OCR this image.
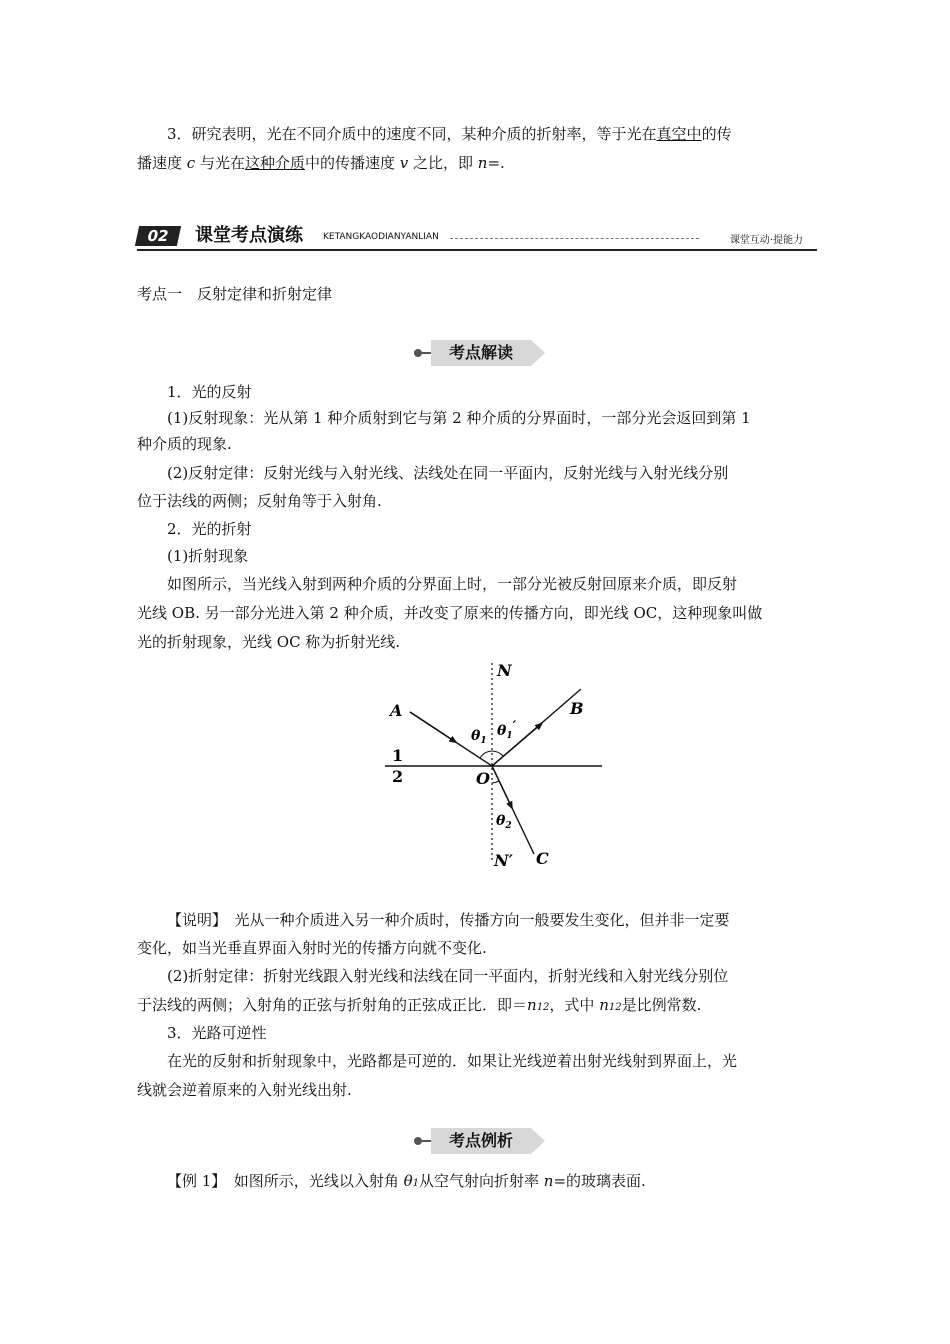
3．研究表明，光在不同介质中的速度不同，某种介质的折射率，等于光在真空中的传

播速度 c 与光在这种介质中的传播速度 v 之比，即 n=.

02	课堂考点演练 KETANGKAODIANYANLIAN	课堂互动·提能力

考点一　反射定律和折射定律

考点解读

1．光的反射

(1)反射现象：光从第 1 种介质射到它与第 2 种介质的分界面时，一部分光会返回到第 1

种介质的现象.

(2)反射定律：反射光线与入射光线、法线处在同一平面内，反射光线与入射光线分别

位于法线的两侧；反射角等于入射角.

2．光的折射

(1)折射现象

如图所示，当光线入射到两种介质的分界面上时，一部分光被反射回原来介质，即反射

光线 OB. 另一部分光进入第 2 种介质，并改变了原来的传播方向，即光线 OC，这种现象叫做

光的折射现象，光线 OC 称为折射光线.

N
A	B
O
1
2
N′ C
$\theta_1$
$\theta_1'$
$\theta_2$

【说明】　光从一种介质进入另一种介质时，传播方向一般要发生变化，但并非一定要

变化，如当光垂直界面入射时光的传播方向就不变化.

(2)折射定律：折射光线跟入射光线和法线在同一平面内，折射光线和入射光线分别位

于法线的两侧；入射角的正弦与折射角的正弦成正比．即＝n12，式中 n12是比例常数.

3．光路可逆性

在光的反射和折射现象中，光路都是可逆的．如果让光线逆着出射光线射到界面上，光

线就会逆着原来的入射光线出射.

考点例析

【例 1】　如图所示，光线以入射角 θ1从空气射向折射率 n=的玻璃表面.
